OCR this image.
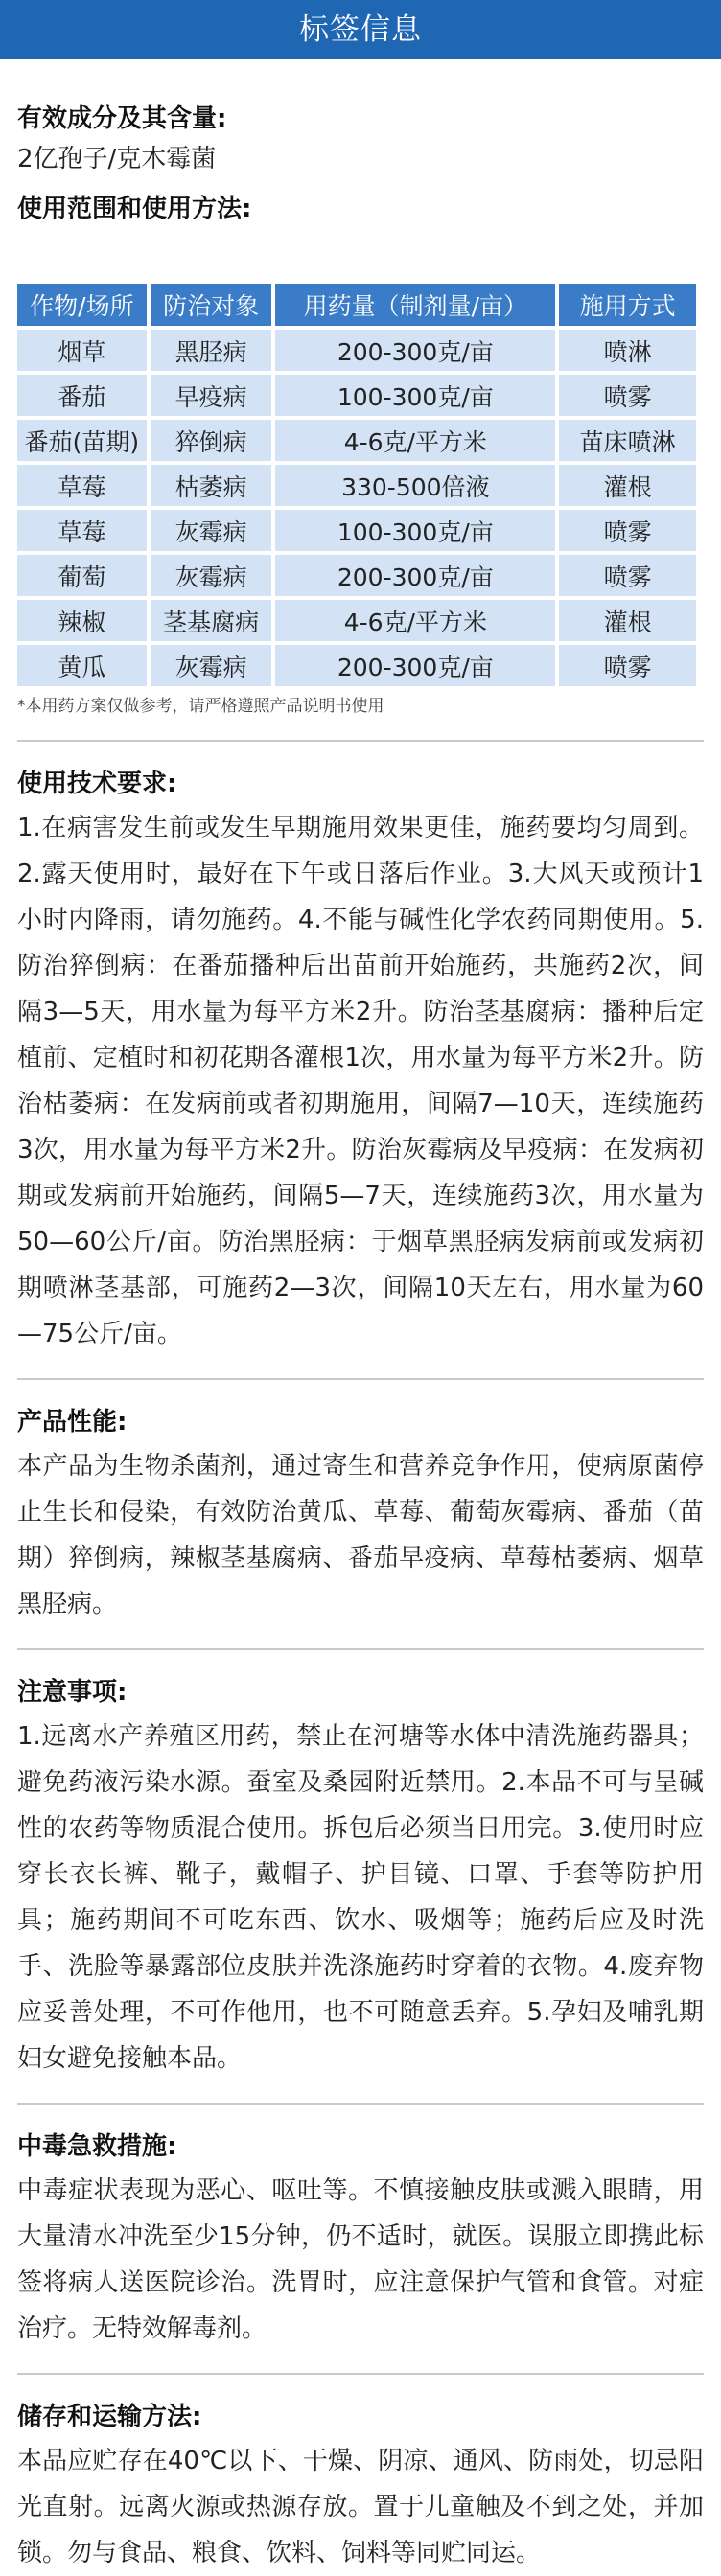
标签信息
有效成分及其含量:
2亿孢子/克木霉菌
使用范围和使用方法:
作物/场所	防治对象	用药量（制剂量/亩）	施用方式
烟草	黑胫病	200-300克/亩	喷淋
番茄	早疫病	100-300克/亩	喷雾
番茄(苗期)	猝倒病	4-6克/平方米	苗床喷淋
草莓	枯萎病	330-500倍液	灌根
草莓	灰霉病	100-300克/亩	喷雾
葡萄	灰霉病	200-300克/亩	喷雾
辣椒	茎基腐病	4-6克/平方米	灌根
黄瓜	灰霉病	200-300克/亩	喷雾
*本用药方案仅做参考，请严格遵照产品说明书使用
使用技术要求:
1.在病害发生前或发生早期施用效果更佳，施药要均匀周到。2.露天使用时，最好在下午或日落后作业。3.大风天或预计1小时内降雨，请勿施药。4.不能与碱性化学农药同期使用。5.防治猝倒病：在番茄播种后出苗前开始施药，共施药2次，间隔3—5天，用水量为每平方米2升。防治茎基腐病：播种后定植前、定植时和初花期各灌根1次，用水量为每平方米2升。防治枯萎病：在发病前或者初期施用，间隔7—10天，连续施药3次，用水量为每平方米2升。防治灰霉病及早疫病：在发病初期或发病前开始施药，间隔5—7天，连续施药3次，用水量为50—60公斤/亩。防治黑胫病：于烟草黑胫病发病前或发病初期喷淋茎基部，可施药2—3次，间隔10天左右，用水量为60—75公斤/亩。
产品性能:
本产品为生物杀菌剂，通过寄生和营养竞争作用，使病原菌停止生长和侵染，有效防治黄瓜、草莓、葡萄灰霉病、番茄（苗期）猝倒病，辣椒茎基腐病、番茄早疫病、草莓枯萎病、烟草黑胫病。
注意事项:
1.远离水产养殖区用药，禁止在河塘等水体中清洗施药器具；避免药液污染水源。蚕室及桑园附近禁用。2.本品不可与呈碱性的农药等物质混合使用。拆包后必须当日用完。3.使用时应穿长衣长裤、靴子，戴帽子、护目镜、口罩、手套等防护用具；施药期间不可吃东西、饮水、吸烟等；施药后应及时洗手、洗脸等暴露部位皮肤并洗涤施药时穿着的衣物。4.废弃物应妥善处理，不可作他用，也不可随意丢弃。5.孕妇及哺乳期妇女避免接触本品。
中毒急救措施:
中毒症状表现为恶心、呕吐等。不慎接触皮肤或溅入眼睛，用大量清水冲洗至少15分钟，仍不适时，就医。误服立即携此标签将病人送医院诊治。洗胃时，应注意保护气管和食管。对症治疗。无特效解毒剂。
储存和运输方法:
本品应贮存在40℃以下、干燥、阴凉、通风、防雨处，切忌阳光直射。远离火源或热源存放。置于儿童触及不到之处，并加锁。勿与食品、粮食、饮料、饲料等同贮同运。
